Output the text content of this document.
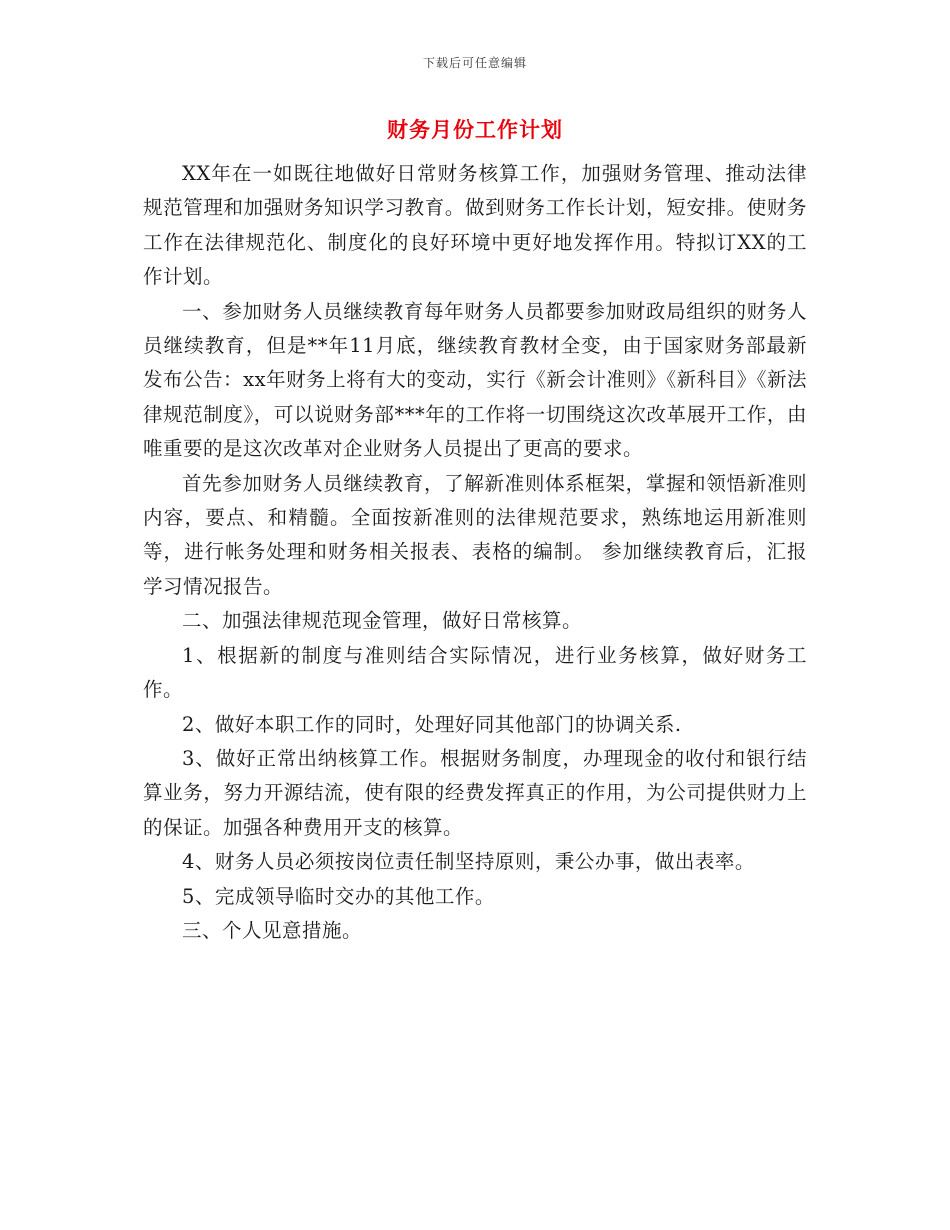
下载后可任意编辑
财务月份工作计划

XX年在一如既往地做好日常财务核算工作，加强财务管理、推动法律规范管理和加强财务知识学习教育。做到财务工作长计划，短安排。使财务工作在法律规范化、制度化的良好环境中更好地发挥作用。特拟订XX的工作计划。

一、参加财务人员继续教育每年财务人员都要参加财政局组织的财务人员继续教育，但是**年11月底，继续教育教材全变，由于国家财务部最新发布公告：xx年财务上将有大的变动，实行《新会计准则》《新科目》《新法律规范制度》，可以说财务部***年的工作将一切围绕这次改革展开工作，由唯重要的是这次改革对企业财务人员提出了更高的要求。

首先参加财务人员继续教育，了解新准则体系框架，掌握和领悟新准则内容，要点、和精髓。全面按新准则的法律规范要求，熟练地运用新准则等，进行帐务处理和财务相关报表、表格的编制。 参加继续教育后，汇报学习情况报告。

二、加强法律规范现金管理，做好日常核算。

1、根据新的制度与准则结合实际情况，进行业务核算，做好财务工作。

2、做好本职工作的同时，处理好同其他部门的协调关系.

3、做好正常出纳核算工作。根据财务制度，办理现金的收付和银行结算业务，努力开源结流，使有限的经费发挥真正的作用，为公司提供财力上的保证。加强各种费用开支的核算。

4、财务人员必须按岗位责任制坚持原则，秉公办事，做出表率。

5、完成领导临时交办的其他工作。

三、个人见意措施。
